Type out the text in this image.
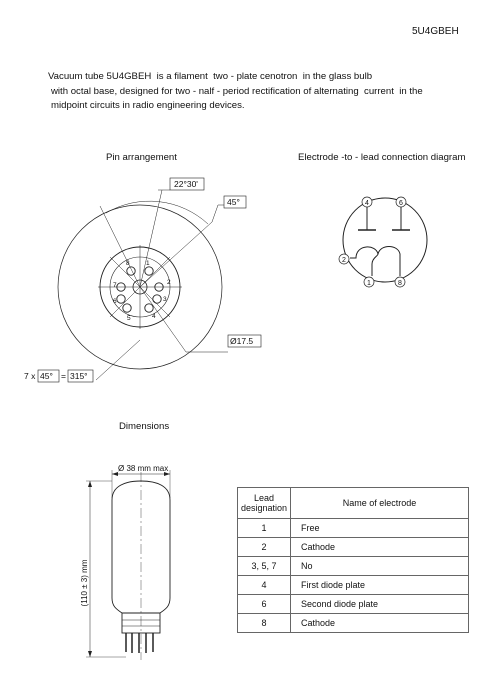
5U4GBEH
Vacuum tube 5U4GBEH  is a filament  two - plate cenotron  in the glass bulb
with octal base, designed for two - nalf - period rectification of alternating  current  in the
midpoint circuits in radio engineering devices.
Pin arrangement	Electrode -to - lead connection diagram
Dimensions
1
2
3
4
5
6
7
8
22°30'
45°
Ø17.5
7 x 45° = 315°
4	6
2
1	8
Ø 38 mm max
(110 ± 3) mm
Lead designation	Name of electrode
1	Free
2	Cathode
3, 5, 7	No
4	First diode plate
6	Second diode plate
8	Cathode
